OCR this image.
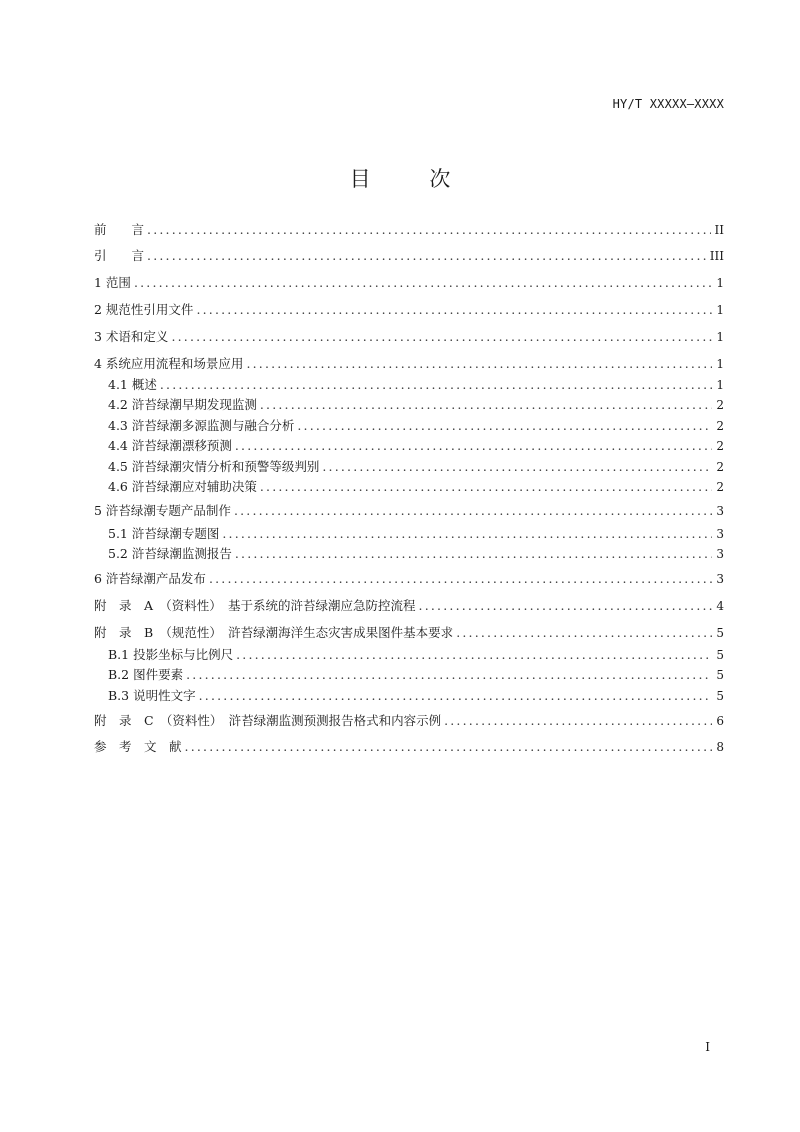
HY/T XXXXX—XXXX
目	次
前　　言 .....	II
引　　言 .....	III
1 范围 .....	1
2 规范性引用文件 .....	1
3 术语和定义 .....	1
4 系统应用流程和场景应用 .....	1
4.1 概述 .....	1
4.2 浒苔绿潮早期发现监测 .....	2
4.3 浒苔绿潮多源监测与融合分析 .....	2
4.4 浒苔绿潮漂移预测 .....	2
4.5 浒苔绿潮灾情分析和预警等级判别 .....	2
4.6 浒苔绿潮应对辅助决策 .....	2
5 浒苔绿潮专题产品制作 .....	3
5.1 浒苔绿潮专题图 .....	3
5.2 浒苔绿潮监测报告 .....	3
6 浒苔绿潮产品发布 .....	3
附　录　A　（资料性）　基于系统的浒苔绿潮应急防控流程 .....	4
附　录　B　（规范性）　浒苔绿潮海洋生态灾害成果图件基本要求 .....	5
B.1 投影坐标与比例尺 .....	5
B.2 图件要素 .....	5
B.3 说明性文字 .....	5
附　录　C　（资料性）　浒苔绿潮监测预测报告格式和内容示例 .....	6
参　考　文　献 .....	8
I
